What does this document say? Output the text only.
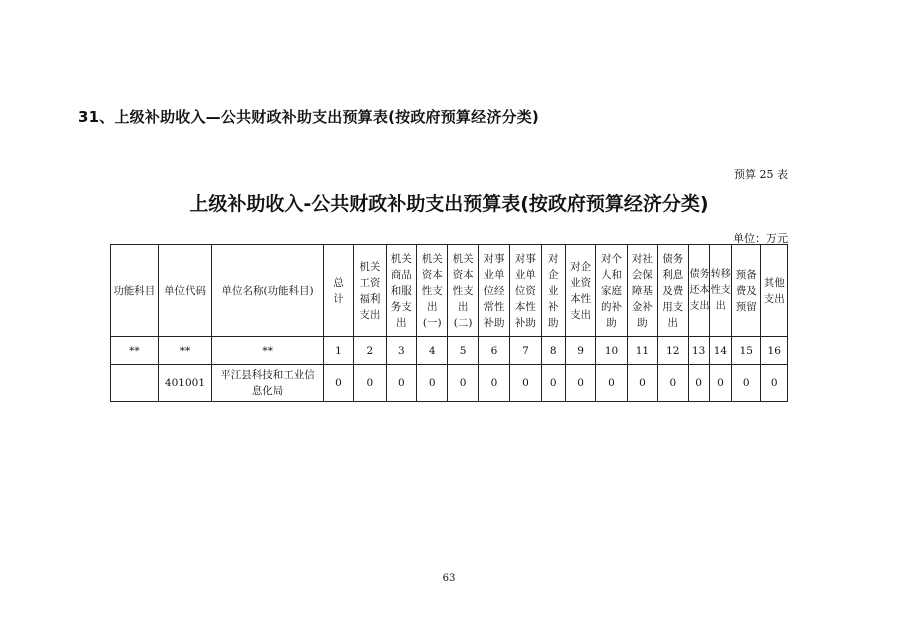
31、上级补助收入—公共财政补助支出预算表(按政府预算经济分类)
预算 25 表
上级补助收入-公共财政补助支出预算表(按政府预算经济分类)
单位：万元
功能科目	单位代码	单位名称(功能科目)	总计	机关工资福利支出	机关商品和服务支出	机关资本性支出(一)	机关资本性支出(二)	对事业单位经常性补助	对事业单位资本性补助	对企业补助	对企业资本性支出	对个人和家庭的补助	对社会保障基金补助	债务利息及费用支出	债务还本支出	转移性支出	预备费及预留	其他支出
**	**	**	1	2	3	4	5	6	7	8	9	10	11	12	13	14	15	16
	401001	平江县科技和工业信息化局	0	0	0	0	0	0	0	0	0	0	0	0	0	0	0	0
63
